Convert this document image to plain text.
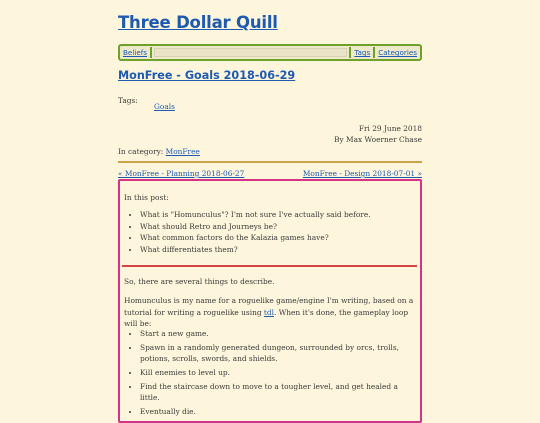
Three Dollar Quill
Beliefs	Tags	Categories
MonFree - Goals 2018-06-29
Tags:
Goals
Fri 29 June 2018
By Max Woerner Chase
In category: MonFree
« MonFree - Planning 2018-06-27	MonFree - Design 2018-07-01 »
In this post:
• What is "Homunculus"? I'm not sure I've actually said before.
• What should Retro and Journeys be?
• What common factors do the Kalazia games have?
• What differentiates them?
So, there are several things to describe.
Homunculus is my name for a roguelike game/engine I'm writing, based on a tutorial for writing a roguelike using tdl. When it's done, the gameplay loop will be:
• Start a new game.
• Spawn in a randomly generated dungeon, surrounded by orcs, trolls, potions, scrolls, swords, and shields.
• Kill enemies to level up.
• Find the staircase down to move to a tougher level, and get healed a little.
• Eventually die.
